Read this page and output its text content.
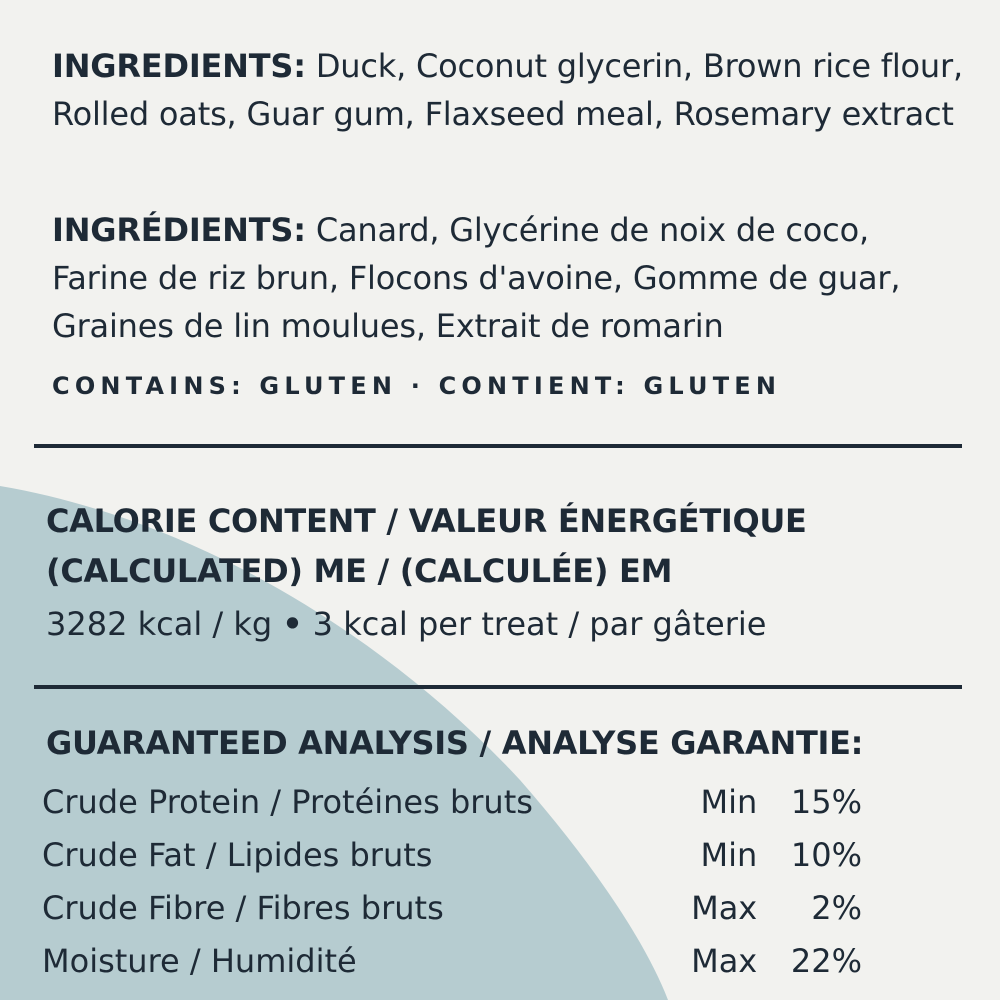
INGREDIENTS: Duck, Coconut glycerin, Brown rice flour, Rolled oats, Guar gum, Flaxseed meal, Rosemary extract

INGRÉDIENTS: Canard, Glycérine de noix de coco, Farine de riz brun, Flocons d'avoine, Gomme de guar, Graines de lin moulues, Extrait de romarin

CONTAINS: GLUTEN · CONTIENT: GLUTEN
CALORIE CONTENT / VALEUR ÉNERGÉTIQUE
(CALCULATED) ME / (CALCULÉE) EM
3282 kcal / kg • 3 kcal per treat / par gâterie
GUARANTEED ANALYSIS / ANALYSE GARANTIE:
Crude Protein / Protéines bruts	Min	15%
Crude Fat / Lipides bruts	Min	10%
Crude Fibre / Fibres bruts	Max	2%
Moisture / Humidité	Max	22%
